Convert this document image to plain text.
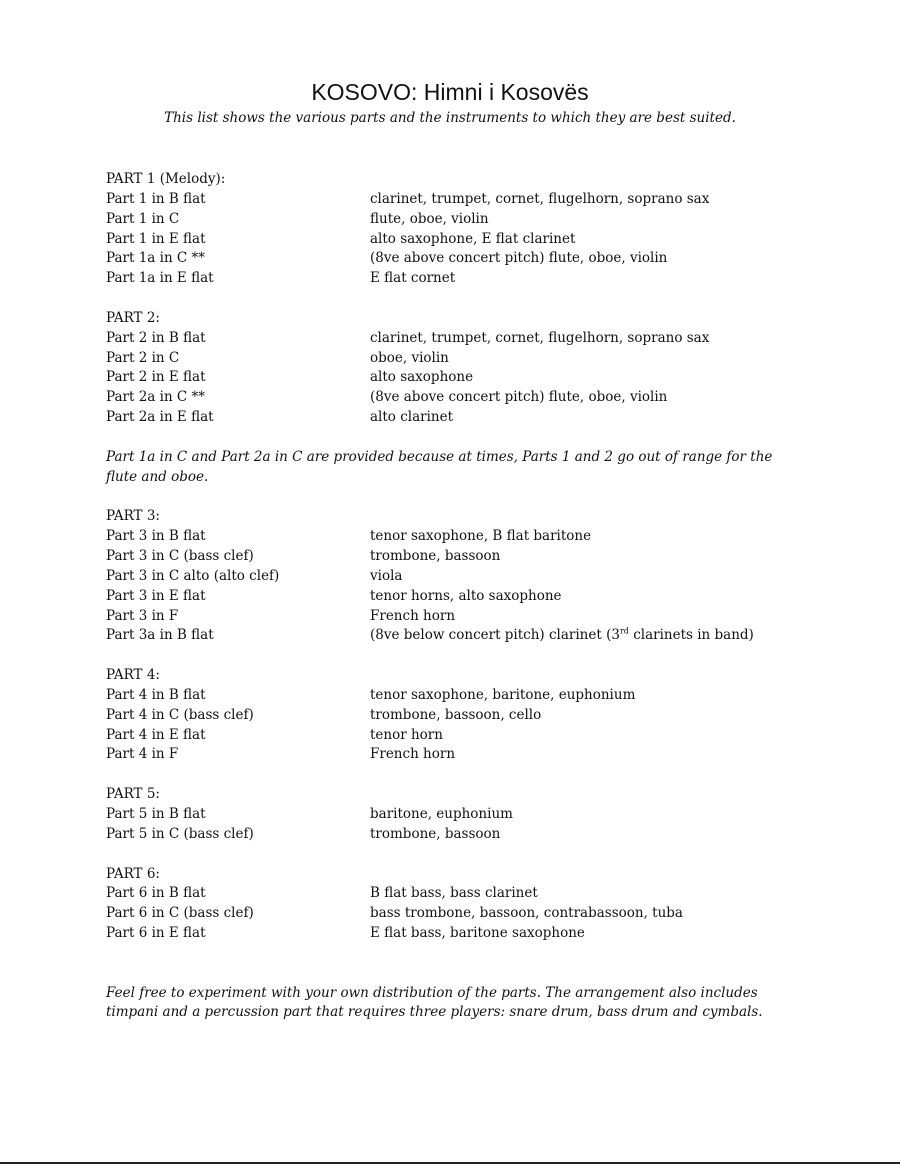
KOSOVO: Himni i Kosovës
This list shows the various parts and the instruments to which they are best suited.
PART 1 (Melody):
Part 1 in B flat	clarinet, trumpet, cornet, flugelhorn, soprano sax
Part 1 in C	flute, oboe, violin
Part 1 in E flat	alto saxophone, E flat clarinet
Part 1a in C **	(8ve above concert pitch) flute, oboe, violin
Part 1a in E flat	E flat cornet
PART 2:
Part 2 in B flat	clarinet, trumpet, cornet, flugelhorn, soprano sax
Part 2 in C	oboe, violin
Part 2 in E flat	alto saxophone
Part 2a in C **	(8ve above concert pitch) flute, oboe, violin
Part 2a in E flat	alto clarinet
Part 1a in C and Part 2a in C are provided because at times, Parts 1 and 2 go out of range for the
flute and oboe.
PART 3:
Part 3 in B flat	tenor saxophone, B flat baritone
Part 3 in C (bass clef)	trombone, bassoon
Part 3 in C alto (alto clef)	viola
Part 3 in E flat	tenor horns, alto saxophone
Part 3 in F	French horn
Part 3a in B flat	(8ve below concert pitch) clarinet (3rd clarinets in band)
PART 4:
Part 4 in B flat	tenor saxophone, baritone, euphonium
Part 4 in C (bass clef)	trombone, bassoon, cello
Part 4 in E flat	tenor horn
Part 4 in F	French horn
PART 5:
Part 5 in B flat	baritone, euphonium
Part 5 in C (bass clef)	trombone, bassoon
PART 6:
Part 6 in B flat	B flat bass, bass clarinet
Part 6 in C (bass clef)	bass trombone, bassoon, contrabassoon, tuba
Part 6 in E flat	E flat bass, baritone saxophone
Feel free to experiment with your own distribution of the parts. The arrangement also includes
timpani and a percussion part that requires three players: snare drum, bass drum and cymbals.
